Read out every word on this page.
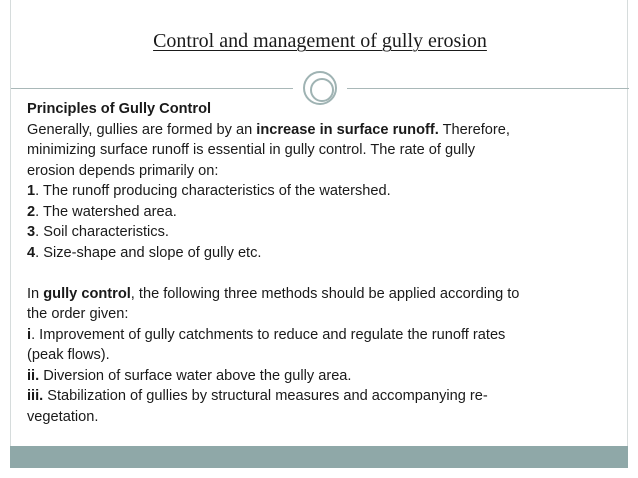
Control and management of gully erosion

Principles of Gully Control

Generally, gullies are formed by an increase in surface runoff. Therefore,

minimizing surface runoff is essential in gully control. The rate of gully

erosion depends primarily on:

1. The runoff producing characteristics of the watershed.

2. The watershed area.

3. Soil characteristics.

4. Size-shape and slope of gully etc.

In gully control, the following three methods should be applied according to

the order given:

i. Improvement of gully catchments to reduce and regulate the runoff rates

(peak flows).

ii. Diversion of surface water above the gully area.

iii. Stabilization of gullies by structural measures and accompanying re-

vegetation.
